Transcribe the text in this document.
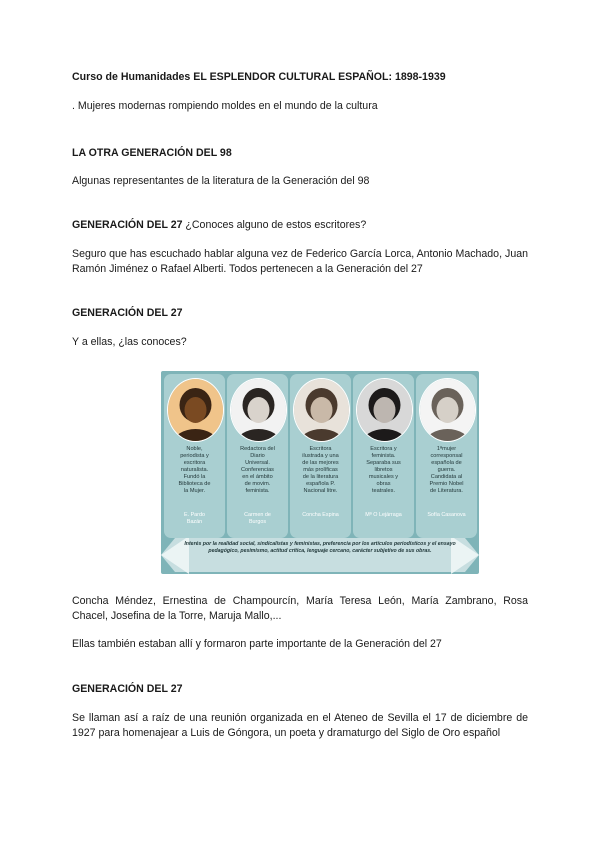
Curso de Humanidades EL ESPLENDOR CULTURAL ESPAÑOL: 1898-1939
. Mujeres modernas rompiendo moldes en el mundo de la cultura
LA OTRA GENERACIÓN DEL 98
Algunas representantes de la literatura de la Generación del 98
GENERACIÓN DEL 27 ¿Conoces alguno de estos escritores?
Seguro que has escuchado hablar alguna vez de Federico García Lorca, Antonio Machado, Juan Ramón Jiménez o Rafael Alberti. Todos pertenecen a la Generación del 27
GENERACIÓN DEL 27
Y a ellas, ¿las conoces?
Noble,
periodista y
escritora
naturalista.
Fundó la
Biblioteca de
la Mujer.
E. Pardo
Bazán
Redactora del
Diario
Universal.
Conferencias
en el ámbito
de movim.
feminista.
Carmen de
Burgos
Escritora
ilustrada y una
de las mejores
más prolíficas
de la literatura
española P.
Nacional litre.
Concha Espina
Escritora y
feminista.
Separaba sus
libretos
musicales y
obras
teatrales.
Mª O Lejárraga
1ªmujer
corresponsal
española de
guerra.
Candidata al
Premio Nobel
de Literatura.
Sofía Casanova
Interés por la realidad social, sindicalistas y feministas, preferencia por los artículos periodísticos y el ensayo pedagógico, pesimismo, actitud crítica, lenguaje cercano, carácter subjetivo de sus obras.
Concha Méndez, Ernestina de Champourcín, María Teresa León, María Zambrano, Rosa Chacel, Josefina de la Torre, Maruja Mallo,...
Ellas también estaban allí y formaron parte importante de la Generación del 27
GENERACIÓN DEL 27
Se llaman así a raíz de una reunión organizada en el Ateneo de Sevilla el 17 de diciembre de 1927 para homenajear a Luis de Góngora, un poeta y dramaturgo del Siglo de Oro español
